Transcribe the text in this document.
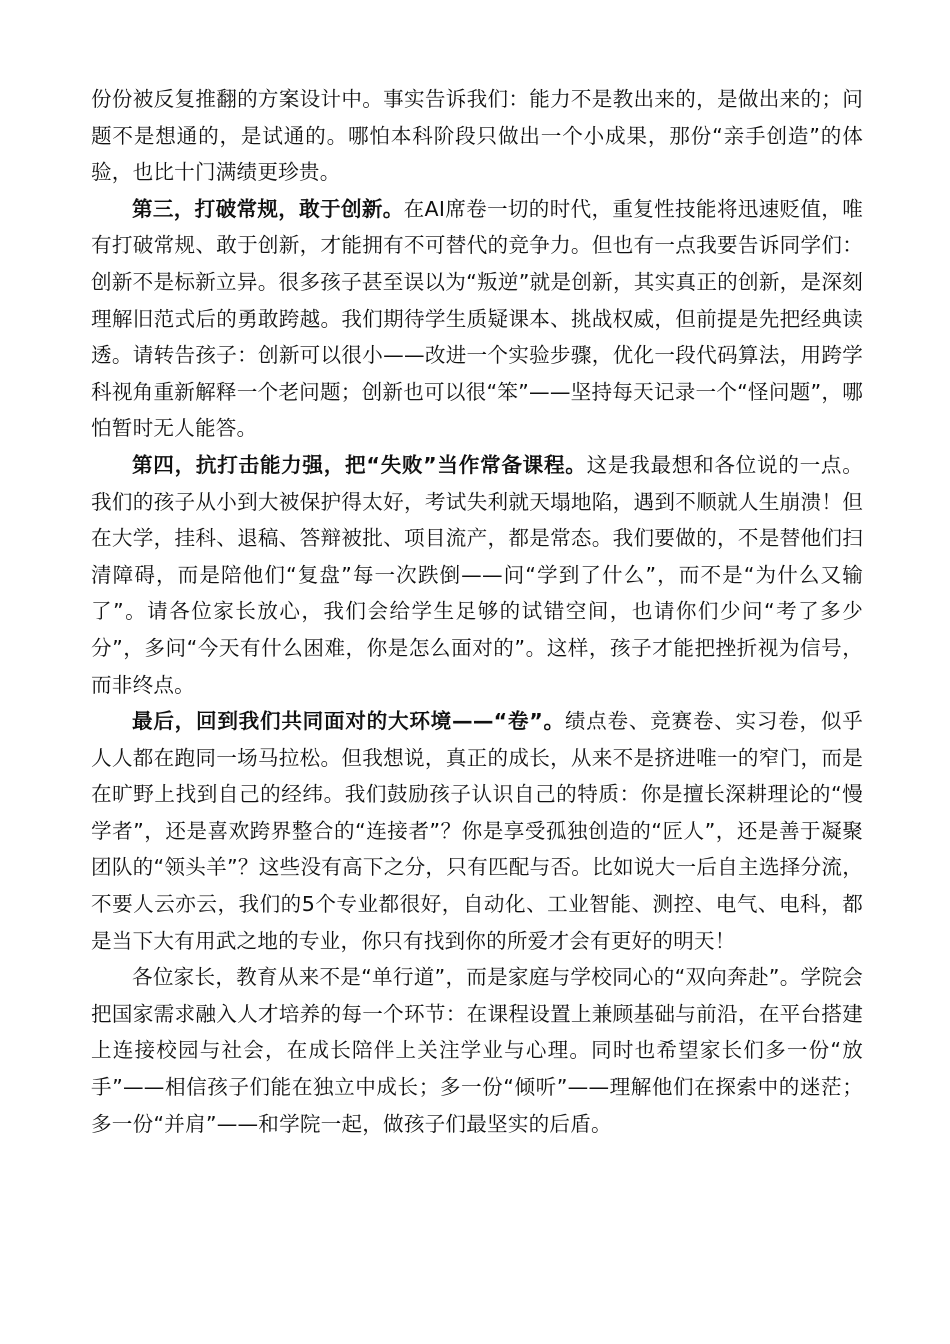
份份被反复推翻的方案设计中。事实告诉我们：能力不是教出来的，是做出来的；问题不是想通的，是试通的。哪怕本科阶段只做出一个小成果，那份“亲手创造”的体验，也比十门满绩更珍贵。

第三，打破常规，敢于创新。在AI席卷一切的时代，重复性技能将迅速贬值，唯有打破常规、敢于创新，才能拥有不可替代的竞争力。但也有一点我要告诉同学们：创新不是标新立异。很多孩子甚至误以为“叛逆”就是创新，其实真正的创新，是深刻理解旧范式后的勇敢跨越。我们期待学生质疑课本、挑战权威，但前提是先把经典读透。请转告孩子：创新可以很小——改进一个实验步骤，优化一段代码算法，用跨学科视角重新解释一个老问题；创新也可以很“笨”——坚持每天记录一个“怪问题”，哪怕暂时无人能答。

第四，抗打击能力强，把“失败”当作常备课程。这是我最想和各位说的一点。我们的孩子从小到大被保护得太好，考试失利就天塌地陷，遇到不顺就人生崩溃！但在大学，挂科、退稿、答辩被批、项目流产，都是常态。我们要做的，不是替他们扫清障碍，而是陪他们“复盘”每一次跌倒——问“学到了什么”，而不是“为什么又输了”。请各位家长放心，我们会给学生足够的试错空间，也请你们少问“考了多少分”，多问“今天有什么困难，你是怎么面对的”。这样，孩子才能把挫折视为信号，而非终点。

最后，回到我们共同面对的大环境——“卷”。绩点卷、竞赛卷、实习卷，似乎人人都在跑同一场马拉松。但我想说，真正的成长，从来不是挤进唯一的窄门，而是在旷野上找到自己的经纬。我们鼓励孩子认识自己的特质：你是擅长深耕理论的“慢学者”，还是喜欢跨界整合的“连接者”？你是享受孤独创造的“匠人”，还是善于凝聚团队的“领头羊”？这些没有高下之分，只有匹配与否。比如说大一后自主选择分流，不要人云亦云，我们的5个专业都很好，自动化、工业智能、测控、电气、电科，都是当下大有用武之地的专业，你只有找到你的所爱才会有更好的明天！

各位家长，教育从来不是“单行道”，而是家庭与学校同心的“双向奔赴”。学院会把国家需求融入人才培养的每一个环节：在课程设置上兼顾基础与前沿，在平台搭建上连接校园与社会，在成长陪伴上关注学业与心理。同时也希望家长们多一份“放手”——相信孩子们能在独立中成长；多一份“倾听”——理解他们在探索中的迷茫；多一份“并肩”——和学院一起，做孩子们最坚实的后盾。
